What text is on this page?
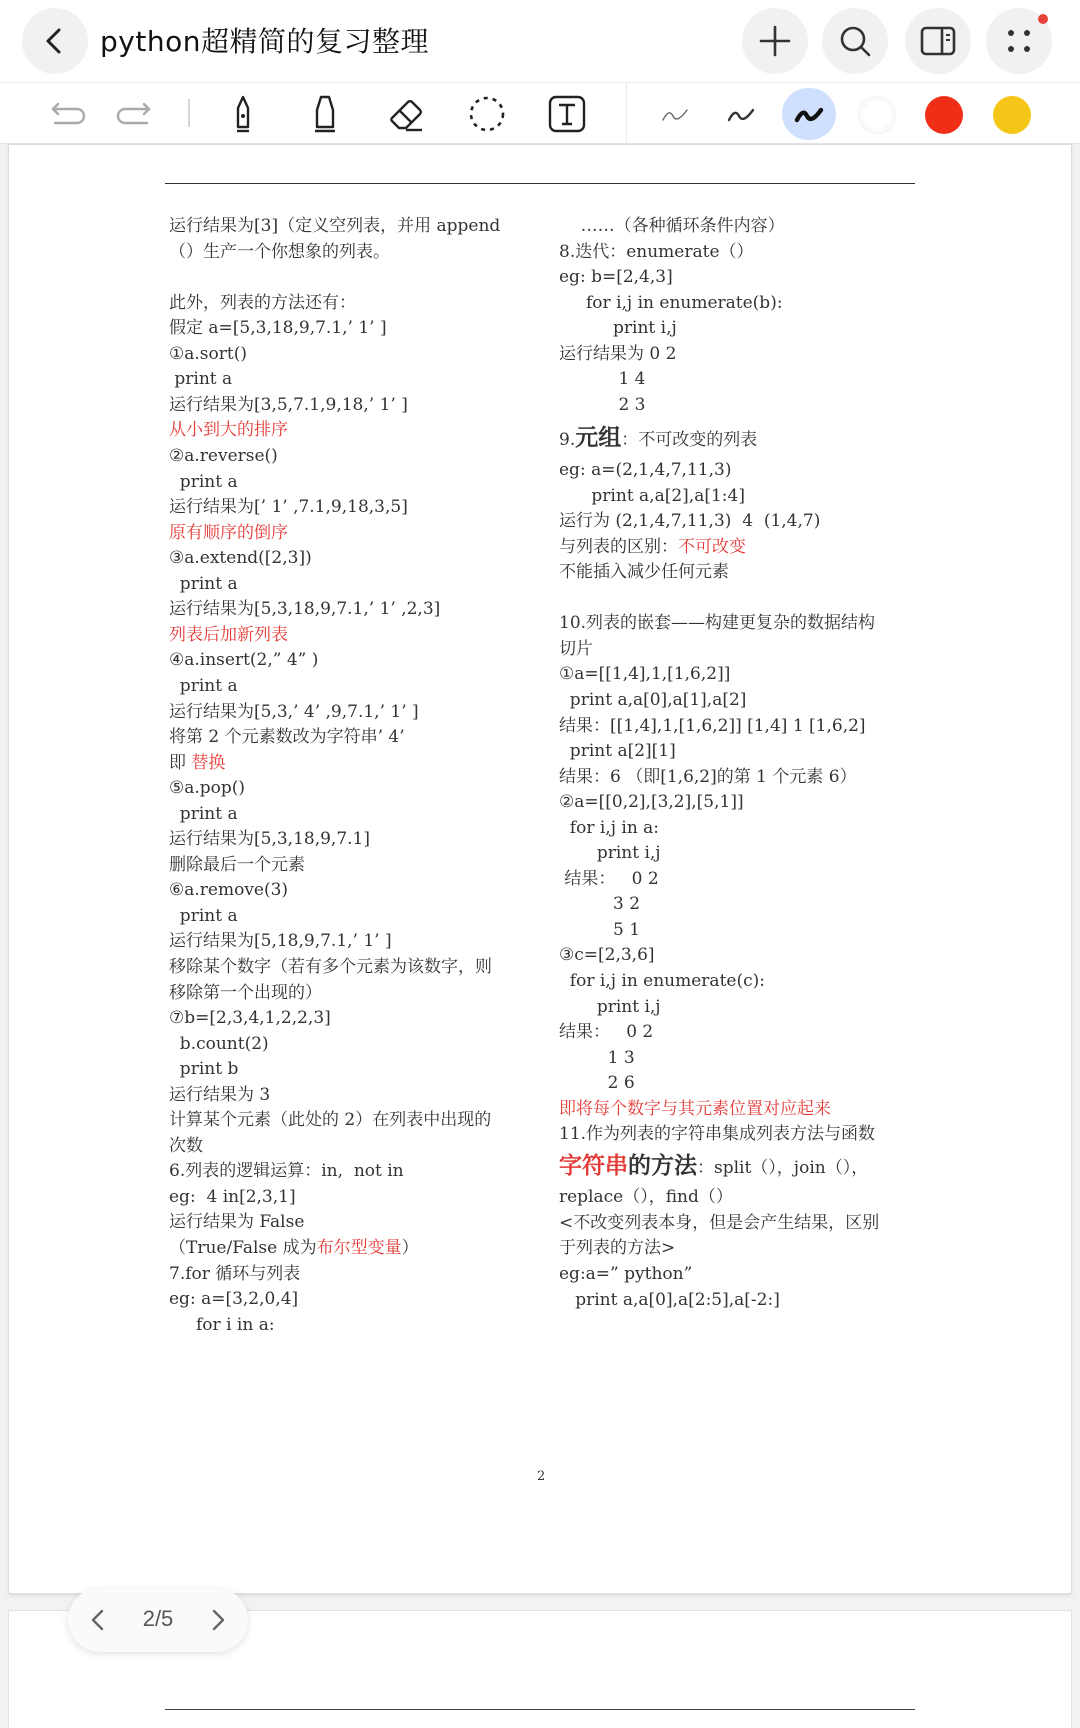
python超精简的复习整理
运行结果为[3]（定义空列表，并用 append
（）生产一个你想象的列表。
此外，列表的方法还有：
假定 a=[5,3,18,9,7.1,’ 1’ ]
①a.sort()
print a
运行结果为[3,5,7.1,9,18,’ 1’ ]
从小到大的排序
②a.reverse()
print a
运行结果为[’ 1’ ,7.1,9,18,3,5]
原有顺序的倒序
③a.extend([2,3])
print a
运行结果为[5,3,18,9,7.1,’ 1’ ,2,3]
列表后加新列表
④a.insert(2,” 4” )
print a
运行结果为[5,3,’ 4’ ,9,7.1,’ 1’ ]
将第 2 个元素数改为字符串’ 4’
即 替换
⑤a.pop()
print a
运行结果为[5,3,18,9,7.1]
删除最后一个元素
⑥a.remove(3)
print a
运行结果为[5,18,9,7.1,’ 1’ ]
移除某个数字（若有多个元素为该数字，则
移除第一个出现的）
⑦b=[2,3,4,1,2,2,3]
b.count(2)
print b
运行结果为 3
计算某个元素（此处的 2）在列表中出现的
次数
6.列表的逻辑运算：in,  not in
eg:  4 in[2,3,1]
运行结果为 False
（True/False 成为布尔型变量）
7.for 循环与列表
eg: a=[3,2,0,4]
for i in a:
……（各种循环条件内容）
8.迭代：enumerate（）
eg: b=[2,4,3]
for i,j in enumerate(b):
print i,j
运行结果为 0 2
1 4
2 3
9.元组：不可改变的列表
eg: a=(2,1,4,7,11,3)
print a,a[2],a[1:4]
运行为 (2,1,4,7,11,3)  4  (1,4,7)
与列表的区别：不可改变
不能插入减少任何元素
10.列表的嵌套——构建更复杂的数据结构
切片
①a=[[1,4],1,[1,6,2]]
print a,a[0],a[1],a[2]
结果：[[1,4],1,[1,6,2]] [1,4] 1 [1,6,2]
print a[2][1]
结果：6 （即[1,6,2]的第 1 个元素 6）
②a=[[0,2],[3,2],[5,1]]
for i,j in a:
print i,j
结果：   0 2
3 2
5 1
③c=[2,3,6]
for i,j in enumerate(c):
print i,j
结果：   0 2
1 3
2 6
即将每个数字与其元素位置对应起来
11.作为列表的字符串集成列表方法与函数
字符串的方法：split（），join（），
replace（），find（）
<不改变列表本身，但是会产生结果，区别
于列表的方法>
eg:a=” python”
print a,a[0],a[2:5],a[-2:]
2
2/5
